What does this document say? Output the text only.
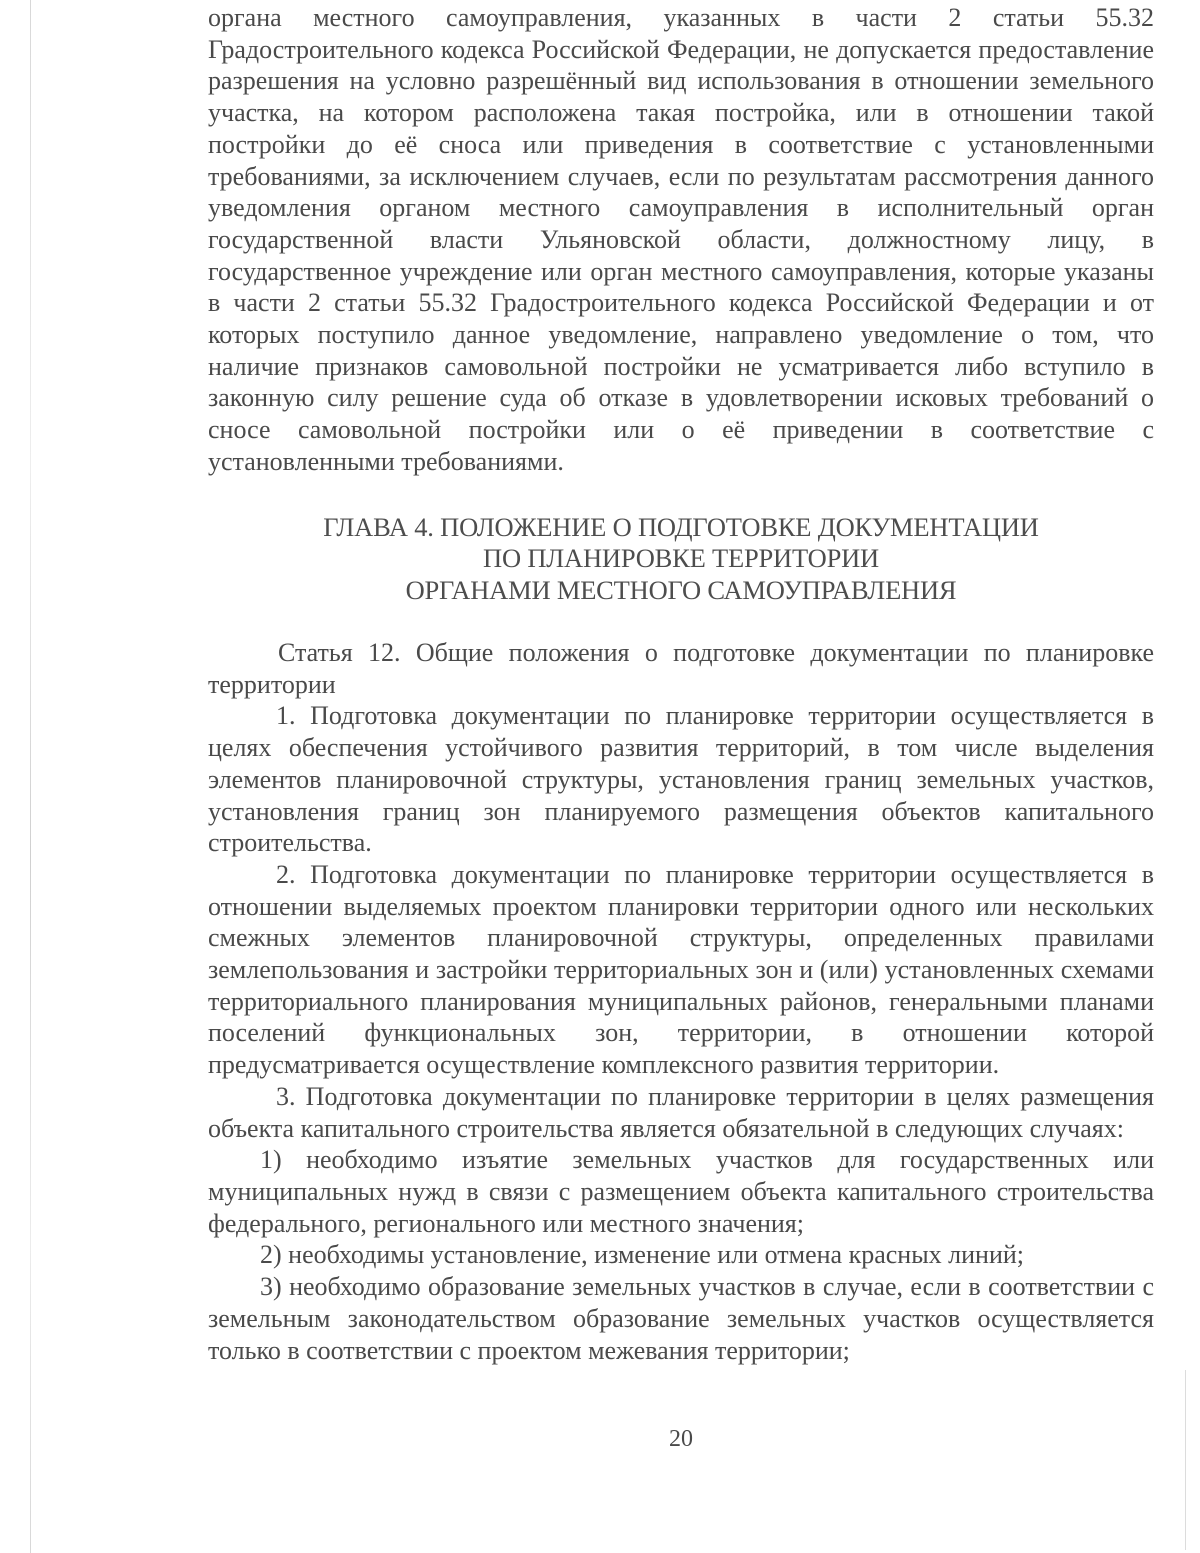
органа местного самоуправления, указанных в части 2 статьи 55.32 Градостроительного кодекса Российской Федерации, не допускается предоставление разрешения на условно разрешённый вид использования в отношении земельного участка, на котором расположена такая постройка, или в отношении такой постройки до её сноса или приведения в соответствие с установленными требованиями, за исключением случаев, если по результатам рассмотрения данного уведомления органом местного самоуправления в исполнительный орган государственной власти Ульяновской области, должностному лицу, в государственное учреждение или орган местного самоуправления, которые указаны в части 2 статьи 55.32 Градостроительного кодекса Российской Федерации и от которых поступило данное уведомление, направлено уведомление о том, что наличие признаков самовольной постройки не усматривается либо вступило в законную силу решение суда об отказе в удовлетворении исковых требований о сносе самовольной постройки или о её приведении в соответствие с установленными требованиями.

ГЛАВА 4. ПОЛОЖЕНИЕ О ПОДГОТОВКЕ ДОКУМЕНТАЦИИ
ПО ПЛАНИРОВКЕ ТЕРРИТОРИИ
ОРГАНАМИ МЕСТНОГО САМОУПРАВЛЕНИЯ

Статья 12. Общие положения о подготовке документации по планировке территории

1. Подготовка документации по планировке территории осуществляется в целях обеспечения устойчивого развития территорий, в том числе выделения элементов планировочной структуры, установления границ земельных участков, установления границ зон планируемого размещения объектов капитального строительства.

2. Подготовка документации по планировке территории осуществляется в отношении выделяемых проектом планировки территории одного или нескольких смежных элементов планировочной структуры, определенных правилами землепользования и застройки территориальных зон и (или) установленных схемами территориального планирования муниципальных районов, генеральными планами поселений функциональных зон, территории, в отношении которой предусматривается осуществление комплексного развития территории.

3. Подготовка документации по планировке территории в целях размещения объекта капитального строительства является обязательной в следующих случаях:

1) необходимо изъятие земельных участков для государственных или муниципальных нужд в связи с размещением объекта капитального строительства федерального, регионального или местного значения;

2) необходимы установление, изменение или отмена красных линий;

3) необходимо образование земельных участков в случае, если в соответствии с земельным законодательством образование земельных участков осуществляется только в соответствии с проектом межевания территории;

20
